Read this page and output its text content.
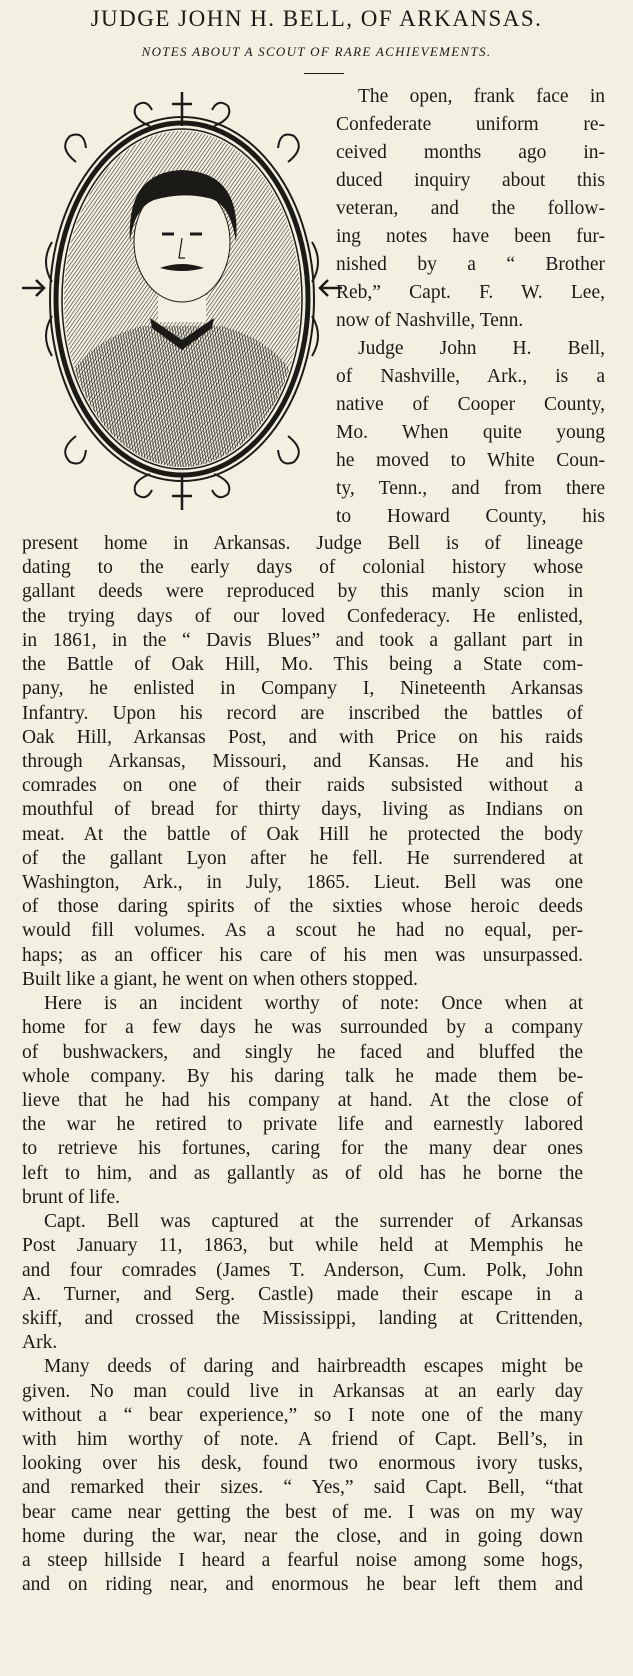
JUDGE JOHN H. BELL, OF ARKANSAS.
NOTES ABOUT A SCOUT OF RARE ACHIEVEMENTS.
The open, frank face in
Confederate uniform re-
ceived months ago in-
duced inquiry about this
veteran, and the follow-
ing notes have been fur-
nished by a “ Brother
Reb,” Capt. F. W. Lee,
now of Nashville, Tenn.
Judge John H. Bell,
of Nashville, Ark., is a
native of Cooper County,
Mo. When quite young
he moved to White Coun-
ty, Tenn., and from there
to Howard County, his
present home in Arkansas. Judge Bell is of lineage
dating to the early days of colonial history whose
gallant deeds were reproduced by this manly scion in
the trying days of our loved Confederacy. He enlisted,
in 1861, in the “ Davis Blues” and took a gallant part in
the Battle of Oak Hill, Mo. This being a State com-
pany, he enlisted in Company I, Nineteenth Arkansas
Infantry. Upon his record are inscribed the battles of
Oak Hill, Arkansas Post, and with Price on his raids
through Arkansas, Missouri, and Kansas. He and his
comrades on one of their raids subsisted without a
mouthful of bread for thirty days, living as Indians on
meat. At the battle of Oak Hill he protected the body
of the gallant Lyon after he fell. He surrendered at
Washington, Ark., in July, 1865. Lieut. Bell was one
of those daring spirits of the sixties whose heroic deeds
would fill volumes. As a scout he had no equal, per-
haps; as an officer his care of his men was unsurpassed.
Built like a giant, he went on when others stopped.
Here is an incident worthy of note: Once when at
home for a few days he was surrounded by a company
of bushwackers, and singly he faced and bluffed the
whole company. By his daring talk he made them be-
lieve that he had his company at hand. At the close of
the war he retired to private life and earnestly labored
to retrieve his fortunes, caring for the many dear ones
left to him, and as gallantly as of old has he borne the
brunt of life.
Capt. Bell was captured at the surrender of Arkansas
Post January 11, 1863, but while held at Memphis he
and four comrades (James T. Anderson, Cum. Polk, John
A. Turner, and Serg. Castle) made their escape in a
skiff, and crossed the Mississippi, landing at Crittenden,
Ark.
Many deeds of daring and hairbreadth escapes might be
given. No man could live in Arkansas at an early day
without a “ bear experience,” so I note one of the many
with him worthy of note. A friend of Capt. Bell’s, in
looking over his desk, found two enormous ivory tusks,
and remarked their sizes. “ Yes,” said Capt. Bell, “that
bear came near getting the best of me. I was on my way
home during the war, near the close, and in going down
a steep hillside I heard a fearful noise among some hogs,
and on riding near, and enormous he bear left them and
